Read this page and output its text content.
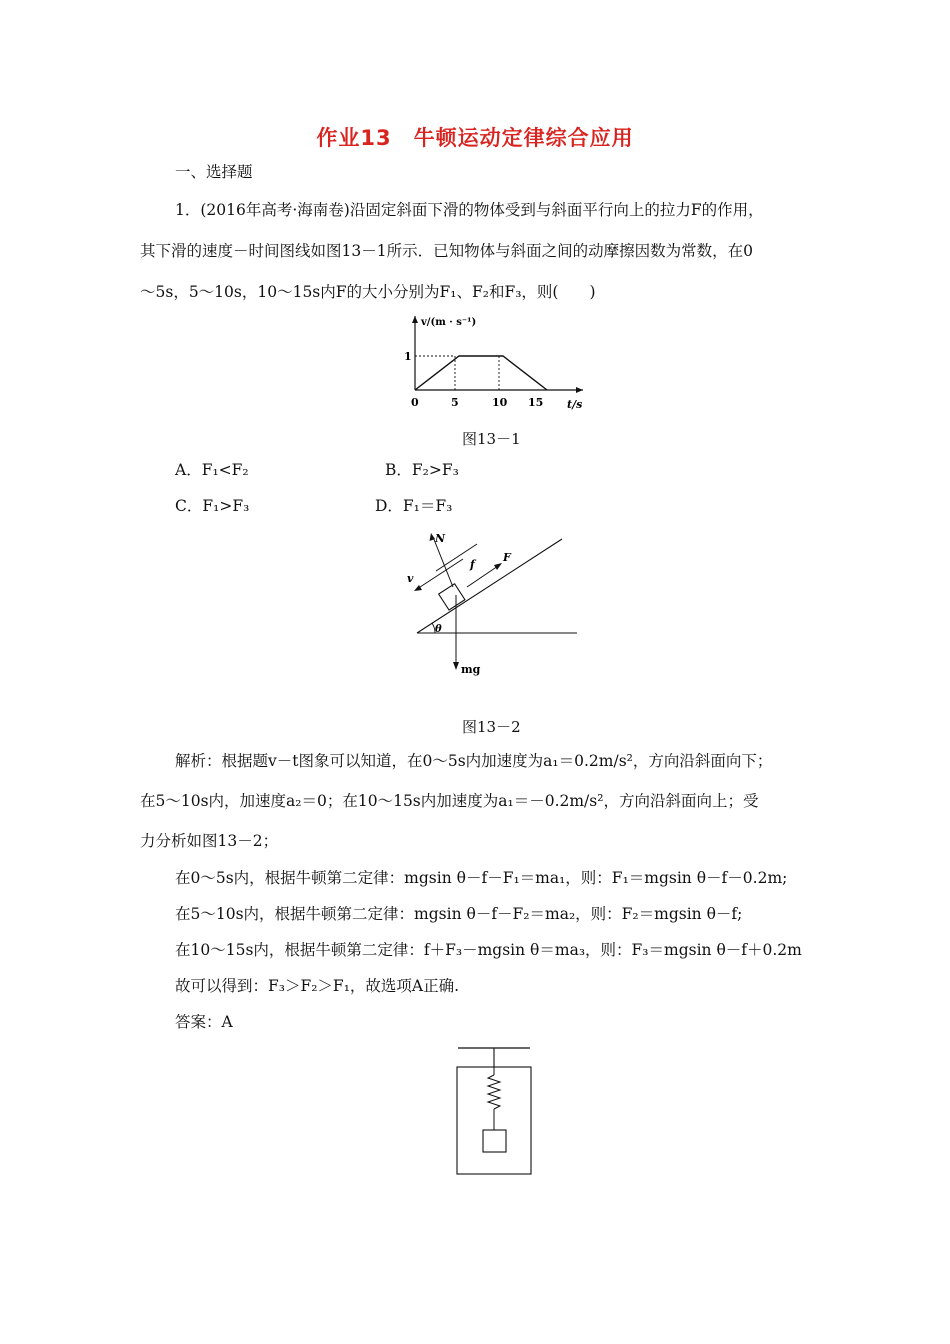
作业13　牛顿运动定律综合应用
一、选择题
1．(2016年高考·海南卷)沿固定斜面下滑的物体受到与斜面平行向上的拉力F的作用，
其下滑的速度－时间图线如图13－1所示．已知物体与斜面之间的动摩擦因数为常数，在0
～5s，5～10s，10～15s内F的大小分别为F₁、F₂和F₃，则(　　)
v/(m · s⁻¹)
1
0	5	10 15 t/s
图13－1
A．F₁<F₂	B．F₂>F₃
C．F₁>F₃	D．F₁＝F₃
N
f
F
v
θ
mg
图13－2
解析：根据题v－t图象可以知道，在0～5s内加速度为a₁＝0.2m/s²，方向沿斜面向下；
在5～10s内，加速度a₂＝0；在10～15s内加速度为a₁＝－0.2m/s²，方向沿斜面向上；受
力分析如图13－2；
在0～5s内，根据牛顿第二定律：mgsin θ－f－F₁＝ma₁，则：F₁＝mgsin θ－f－0.2m;
在5～10s内，根据牛顿第二定律：mgsin θ－f－F₂＝ma₂，则：F₂＝mgsin θ－f;
在10～15s内，根据牛顿第二定律：f＋F₃－mgsin θ＝ma₃，则：F₃＝mgsin θ－f＋0.2m
故可以得到：F₃＞F₂＞F₁，故选项A正确.
答案：A
